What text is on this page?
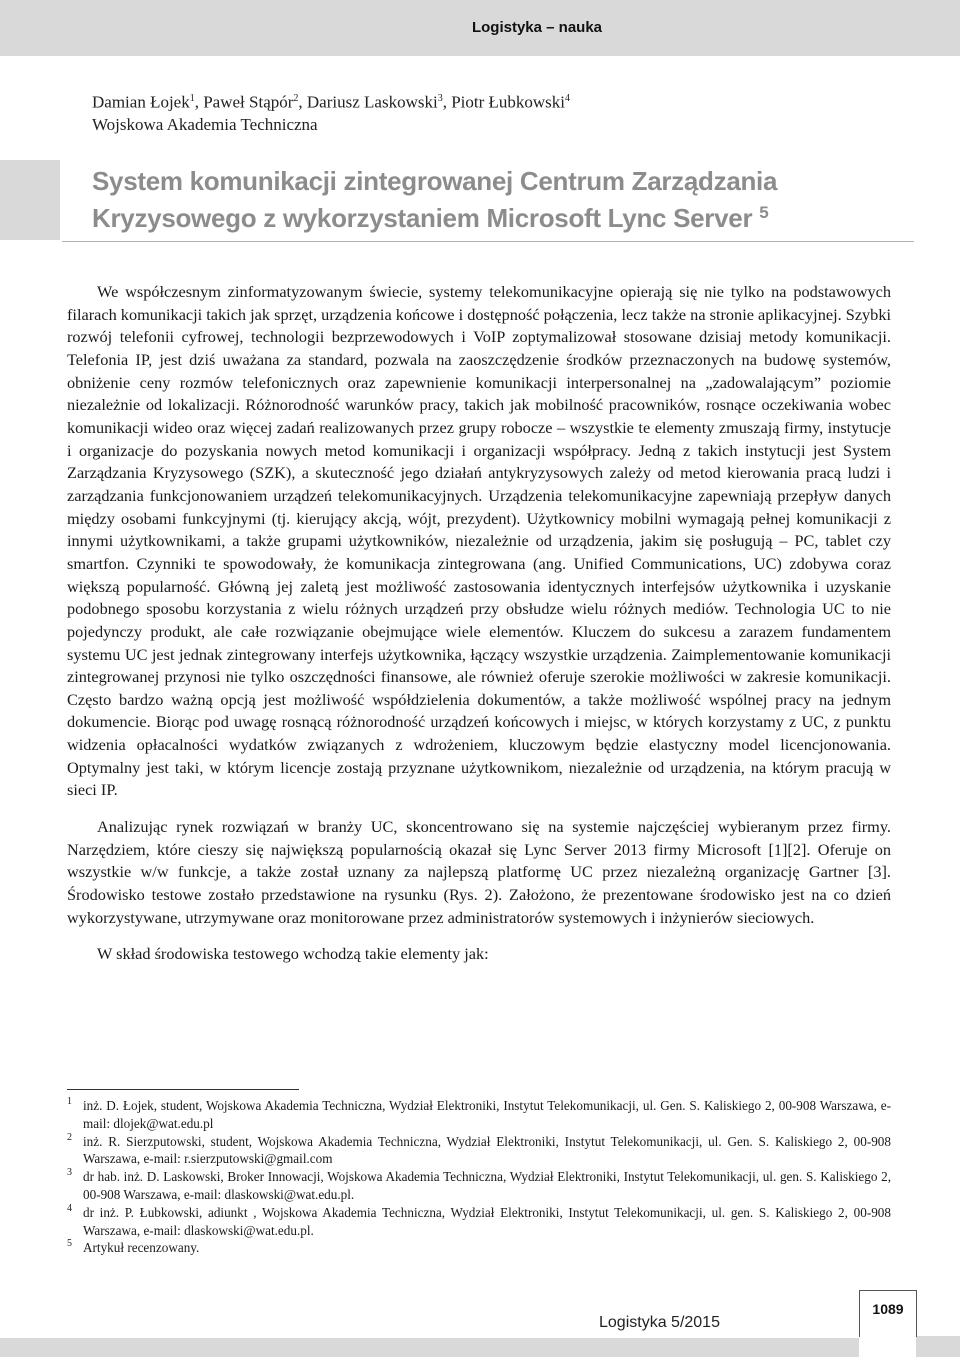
Logistyka – nauka
Damian Łojek$^1$, Paweł Stąpór$^2$, Dariusz Laskowski$^3$, Piotr Łubkowski$^4$
Wojskowa Akademia Techniczna
System komunikacji zintegrowanej Centrum Zarządzania
Kryzysowego z wykorzystaniem Microsoft Lync Server $^5$

We współczesnym zinformatyzowanym świecie, systemy telekomunikacyjne opierają się nie tylko na podstawowych filarach komunikacji takich jak sprzęt, urządzenia końcowe i dostępność połączenia, lecz także na stronie aplikacyjnej. Szybki rozwój telefonii cyfrowej, technologii bezprzewodowych i VoIP zoptymalizował stosowane dzisiaj metody komunikacji. Telefonia IP, jest dziś uważana za standard, pozwala na zaoszczędzenie środków przeznaczonych na budowę systemów, obniżenie ceny rozmów telefonicznych oraz zapewnienie komunikacji interpersonalnej na „zadowalającym” poziomie niezależnie od lokalizacji. Różnorodność warunków pracy, takich jak mobilność pracowników, rosnące oczekiwania wobec komunikacji wideo oraz więcej zadań realizowanych przez grupy robocze – wszystkie te elementy zmuszają firmy, instytucje i organizacje do pozyskania nowych metod komunikacji i organizacji współpracy. Jedną z takich instytucji jest System Zarządzania Kryzysowego (SZK), a skuteczność jego działań antykryzysowych zależy od metod kierowania pracą ludzi i zarządzania funkcjonowaniem urządzeń telekomunikacyjnych. Urządzenia telekomunikacyjne zapewniają przepływ danych między osobami funkcyjnymi (tj. kierujący akcją, wójt, prezydent). Użytkownicy mobilni wymagają pełnej komunikacji z innymi użytkownikami, a także grupami użytkowników, niezależnie od urządzenia, jakim się posługują – PC, tablet czy smartfon. Czynniki te spowodowały, że komunikacja zintegrowana (ang. Unified Communications, UC) zdobywa coraz większą popularność. Główną jej zaletą jest możliwość zastosowania identycznych interfejsów użytkownika i uzyskanie podobnego sposobu korzystania z wielu różnych urządzeń przy obsłudze wielu różnych mediów. Technologia UC to nie pojedynczy produkt, ale całe rozwiązanie obejmujące wiele elementów. Kluczem do sukcesu a zarazem fundamentem systemu UC jest jednak zintegrowany interfejs użytkownika, łączący wszystkie urządzenia. Zaimplementowanie komunikacji zintegrowanej przynosi nie tylko oszczędności finansowe, ale również oferuje szerokie możliwości w zakresie komunikacji. Często bardzo ważną opcją jest możliwość współdzielenia dokumentów, a także możliwość wspólnej pracy na jednym dokumencie. Biorąc pod uwagę rosnącą różnorodność urządzeń końcowych i miejsc, w których korzystamy z UC, z punktu widzenia opłacalności wydatków związanych z wdrożeniem, kluczowym będzie elastyczny model licencjonowania. Optymalny jest taki, w którym licencje zostają przyznane użytkownikom, niezależnie od urządzenia, na którym pracują w sieci IP.

Analizując rynek rozwiązań w branży UC, skoncentrowano się na systemie najczęściej wybieranym przez firmy. Narzędziem, które cieszy się największą popularnością okazał się Lync Server 2013 firmy Microsoft [1][2]. Oferuje on wszystkie w/w funkcje, a także został uznany za najlepszą platformę UC przez niezależną organizację Gartner [3]. Środowisko testowe zostało przedstawione na rysunku (Rys. 2). Założono, że prezentowane środowisko jest na co dzień wykorzystywane, utrzymywane oraz monitorowane przez administratorów systemowych i inżynierów sieciowych.

W skład środowiska testowego wchodzą takie elementy jak:

1 inż. D. Łojek, student, Wojskowa Akademia Techniczna, Wydział Elektroniki, Instytut Telekomunikacji, ul. Gen. S. Kaliskiego 2, 00-908 Warszawa, e-mail: dlojek@wat.edu.pl
2 inż. R. Sierzputowski, student, Wojskowa Akademia Techniczna, Wydział Elektroniki, Instytut Telekomunikacji, ul. Gen. S. Kaliskiego 2, 00-908 Warszawa, e-mail: r.sierzputowski@gmail.com
3 dr hab. inż. D. Laskowski, Broker Innowacji, Wojskowa Akademia Techniczna, Wydział Elektroniki, Instytut Telekomunikacji, ul. gen. S. Kaliskiego 2, 00-908 Warszawa, e-mail: dlaskowski@wat.edu.pl.
4 dr inż. P. Łubkowski, adiunkt , Wojskowa Akademia Techniczna, Wydział Elektroniki, Instytut Telekomunikacji, ul. gen. S. Kaliskiego 2, 00-908 Warszawa, e-mail: dlaskowski@wat.edu.pl.
5 Artykuł recenzowany.
Logistyka 5/2015
1089
